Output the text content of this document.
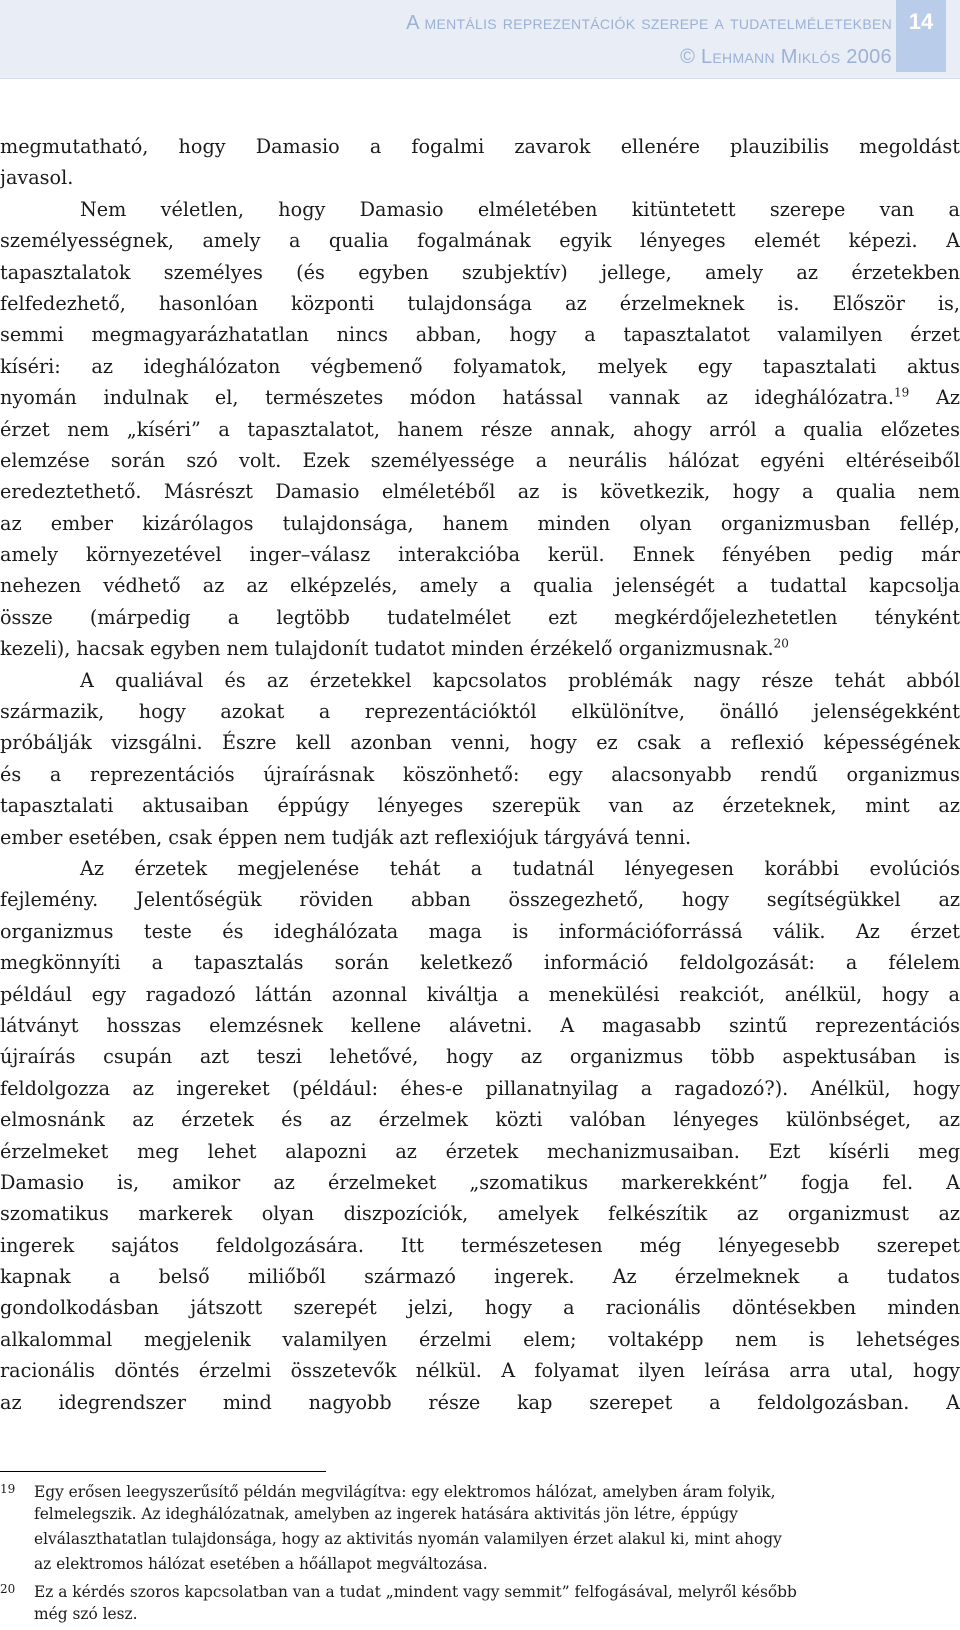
A mentális reprezentációk szerepe a tudatelméletekben
© Lehmann Miklós 2006
14
megmutatható, hogy Damasio a fogalmi zavarok ellenére plauzibilis megoldást
javasol.
Nem véletlen, hogy Damasio elméletében kitüntetett szerepe van a
személyességnek, amely a qualia fogalmának egyik lényeges elemét képezi. A
tapasztalatok személyes (és egyben szubjektív) jellege, amely az érzetekben
felfedezhető, hasonlóan központi tulajdonsága az érzelmeknek is. Először is,
semmi megmagyarázhatatlan nincs abban, hogy a tapasztalatot valamilyen érzet
kíséri: az ideghálózaton végbemenő folyamatok, melyek egy tapasztalati aktus
nyomán indulnak el, természetes módon hatással vannak az ideghálózatra.$^{19}$ Az
érzet nem „kíséri” a tapasztalatot, hanem része annak, ahogy arról a qualia előzetes
elemzése során szó volt. Ezek személyessége a neurális hálózat egyéni eltéréseiből
eredeztethető. Másrészt Damasio elméletéből az is következik, hogy a qualia nem
az ember kizárólagos tulajdonsága, hanem minden olyan organizmusban fellép,
amely környezetével inger–válasz interakcióba kerül. Ennek fényében pedig már
nehezen védhető az az elképzelés, amely a qualia jelenségét a tudattal kapcsolja
össze (márpedig a legtöbb tudatelmélet ezt megkérdőjelezhetetlen tényként
kezeli), hacsak egyben nem tulajdonít tudatot minden érzékelő organizmusnak.$^{20}$
A qualiával és az érzetekkel kapcsolatos problémák nagy része tehát abból
származik, hogy azokat a reprezentációktól elkülönítve, önálló jelenségekként
próbálják vizsgálni. Észre kell azonban venni, hogy ez csak a reflexió képességének
és a reprezentációs újraírásnak köszönhető: egy alacsonyabb rendű organizmus
tapasztalati aktusaiban éppúgy lényeges szerepük van az érzeteknek, mint az
ember esetében, csak éppen nem tudják azt reflexiójuk tárgyává tenni.
Az érzetek megjelenése tehát a tudatnál lényegesen korábbi evolúciós
fejlemény. Jelentőségük röviden abban összegezhető, hogy segítségükkel az
organizmus teste és ideghálózata maga is információforrássá válik. Az érzet
megkönnyíti a tapasztalás során keletkező információ feldolgozását: a félelem
például egy ragadozó láttán azonnal kiváltja a menekülési reakciót, anélkül, hogy a
látványt hosszas elemzésnek kellene alávetni. A magasabb szintű reprezentációs
újraírás csupán azt teszi lehetővé, hogy az organizmus több aspektusában is
feldolgozza az ingereket (például: éhes-e pillanatnyilag a ragadozó?). Anélkül, hogy
elmosnánk az érzetek és az érzelmek közti valóban lényeges különbséget, az
érzelmeket meg lehet alapozni az érzetek mechanizmusaiban. Ezt kísérli meg
Damasio is, amikor az érzelmeket „szomatikus markerekként” fogja fel. A
szomatikus markerek olyan diszpozíciók, amelyek felkészítik az organizmust az
ingerek sajátos feldolgozására. Itt természetesen még lényegesebb szerepet
kapnak a belső miliőből származó ingerek. Az érzelmeknek a tudatos
gondolkodásban játszott szerepét jelzi, hogy a racionális döntésekben minden
alkalommal megjelenik valamilyen érzelmi elem; voltaképp nem is lehetséges
racionális döntés érzelmi összetevők nélkül. A folyamat ilyen leírása arra utal, hogy
az idegrendszer mind nagyobb része kap szerepet a feldolgozásban. A
19 Egy erősen leegyszerűsítő példán megvilágítva: egy elektromos hálózat, amelyben áram folyik,
felmelegszik. Az ideghálózatnak, amelyben az ingerek hatására aktivitás jön létre, éppúgy
elválaszthatatlan tulajdonsága, hogy az aktivitás nyomán valamilyen érzet alakul ki, mint ahogy
az elektromos hálózat esetében a hőállapot megváltozása.
20 Ez a kérdés szoros kapcsolatban van a tudat „mindent vagy semmit” felfogásával, melyről később
még szó lesz.
